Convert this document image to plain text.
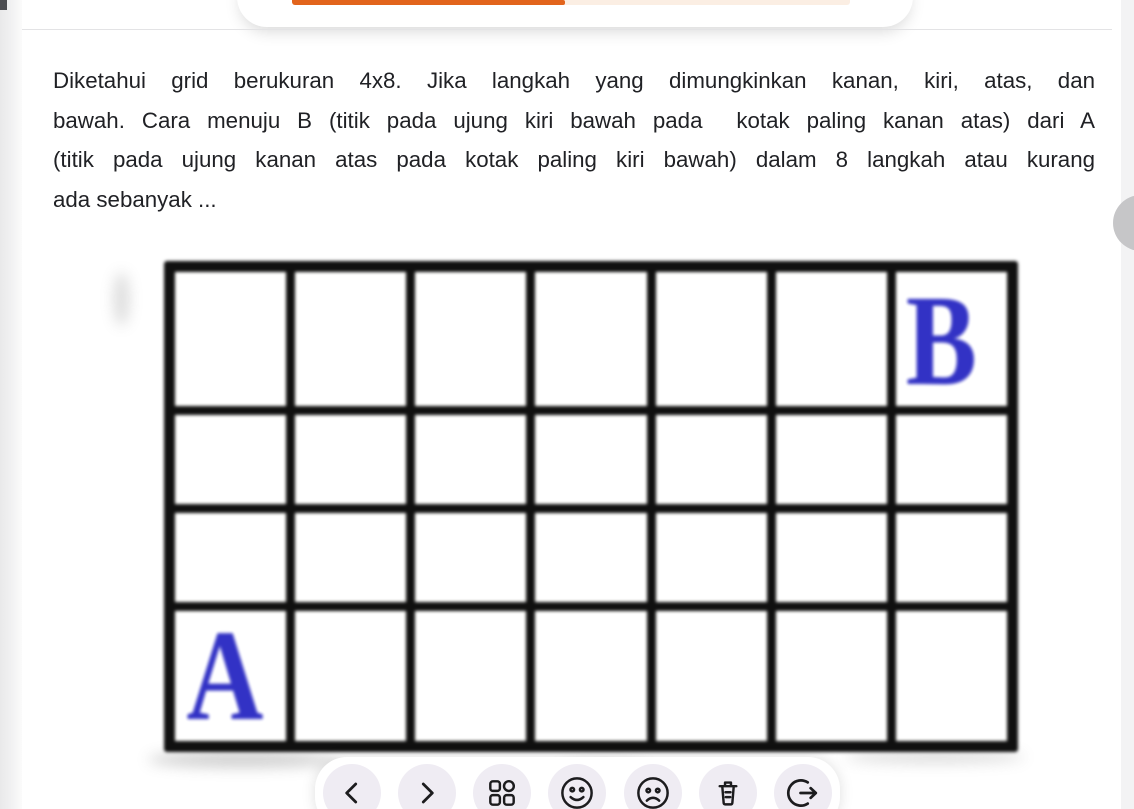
Diketahui grid berukuran 4x8. Jika langkah yang dimungkinkan kanan, kiri, atas, dan
bawah. Cara menuju B (titik pada ujung kiri bawah pada  kotak paling kanan atas) dari A
(titik pada ujung kanan atas pada kotak paling kiri bawah) dalam 8 langkah atau kurang
ada sebanyak ...
B
A
